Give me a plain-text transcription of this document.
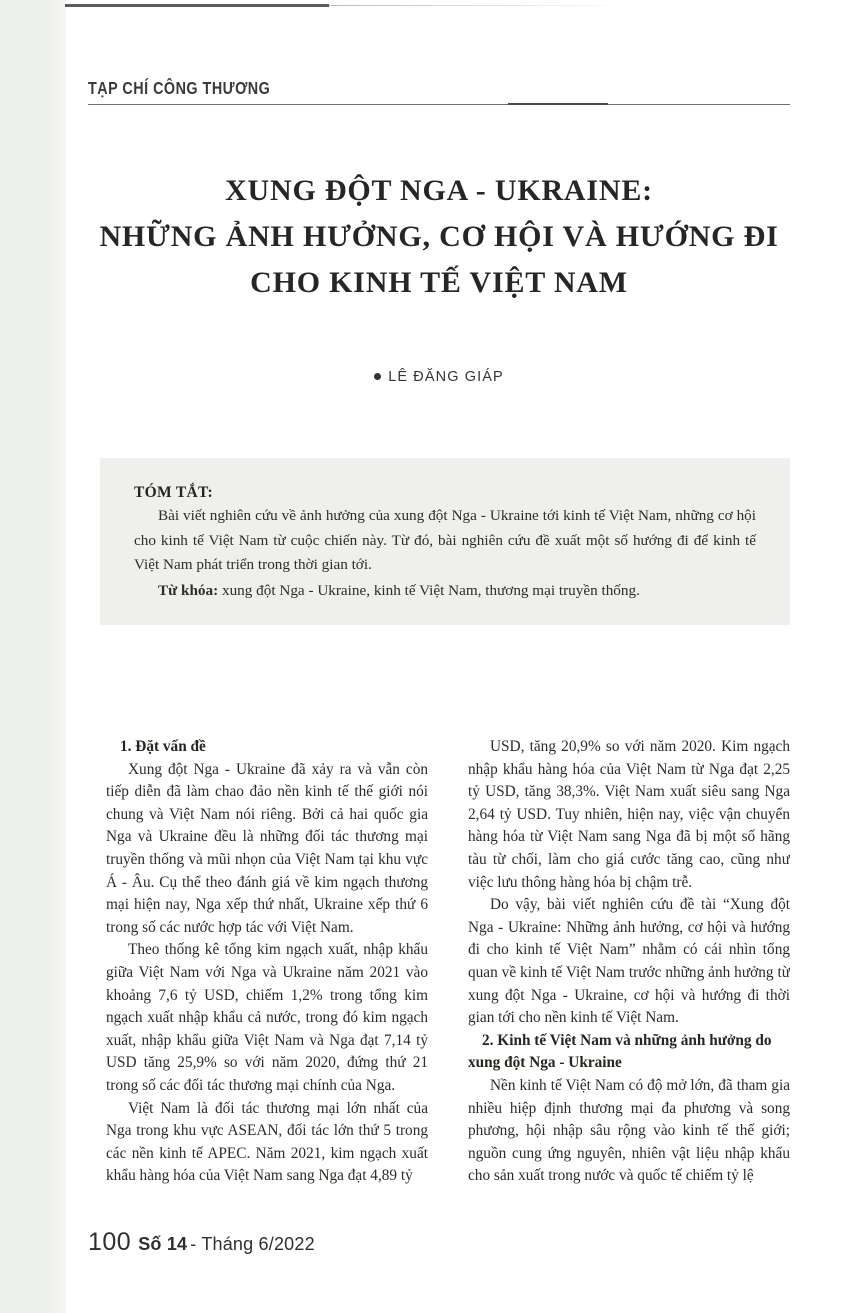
TẠP CHÍ CÔNG THƯƠNG
XUNG ĐỘT NGA - UKRAINE:
NHỮNG ẢNH HƯỞNG, CƠ HỘI VÀ HƯỚNG ĐI
CHO KINH TẾ VIỆT NAM
LÊ ĐĂNG GIÁP
TÓM TẮT:

Bài viết nghiên cứu về ảnh hưởng của xung đột Nga - Ukraine tới kinh tế Việt Nam, những cơ hội cho kinh tế Việt Nam từ cuộc chiến này. Từ đó, bài nghiên cứu đề xuất một số hướng đi để kinh tế Việt Nam phát triển trong thời gian tới.

Từ khóa: xung đột Nga - Ukraine, kinh tế Việt Nam, thương mại truyền thống.

1. Đặt vấn đề

Xung đột Nga - Ukraine đã xảy ra và vẫn còn tiếp diễn đã làm chao đảo nền kinh tế thế giới nói chung và Việt Nam nói riêng. Bởi cả hai quốc gia Nga và Ukraine đều là những đối tác thương mại truyền thống và mũi nhọn của Việt Nam tại khu vực Á - Âu. Cụ thể theo đánh giá về kim ngạch thương mại hiện nay, Nga xếp thứ nhất, Ukraine xếp thứ 6 trong số các nước hợp tác với Việt Nam.

Theo thống kê tổng kim ngạch xuất, nhập khẩu giữa Việt Nam với Nga và Ukraine năm 2021 vào khoảng 7,6 tỷ USD, chiếm 1,2% trong tổng kim ngạch xuất nhập khẩu cả nước, trong đó kim ngạch xuất, nhập khẩu giữa Việt Nam và Nga đạt 7,14 tỷ USD tăng 25,9% so với năm 2020, đứng thứ 21 trong số các đối tác thương mại chính của Nga.

Việt Nam là đối tác thương mại lớn nhất của Nga trong khu vực ASEAN, đối tác lớn thứ 5 trong các nền kinh tế APEC. Năm 2021, kim ngạch xuất khẩu hàng hóa của Việt Nam sang Nga đạt 4,89 tỷ

USD, tăng 20,9% so với năm 2020. Kim ngạch nhập khẩu hàng hóa của Việt Nam từ Nga đạt 2,25 tỷ USD, tăng 38,3%. Việt Nam xuất siêu sang Nga 2,64 tỷ USD. Tuy nhiên, hiện nay, việc vận chuyển hàng hóa từ Việt Nam sang Nga đã bị một số hãng tàu từ chối, làm cho giá cước tăng cao, cũng như việc lưu thông hàng hóa bị chậm trễ.

Do vậy, bài viết nghiên cứu đề tài “Xung đột Nga - Ukraine: Những ảnh hưởng, cơ hội và hướng đi cho kinh tế Việt Nam” nhằm có cái nhìn tổng quan về kinh tế Việt Nam trước những ảnh hưởng từ xung đột Nga - Ukraine, cơ hội và hướng đi thời gian tới cho nền kinh tế Việt Nam.

2. Kinh tế Việt Nam và những ảnh hưởng do xung đột Nga - Ukraine

Nền kinh tế Việt Nam có độ mở lớn, đã tham gia nhiều hiệp định thương mại đa phương và song phương, hội nhập sâu rộng vào kinh tế thế giới; nguồn cung ứng nguyên, nhiên vật liệu nhập khẩu cho sản xuất trong nước và quốc tế chiếm tỷ lệ

100 Số 14 - Tháng 6/2022
